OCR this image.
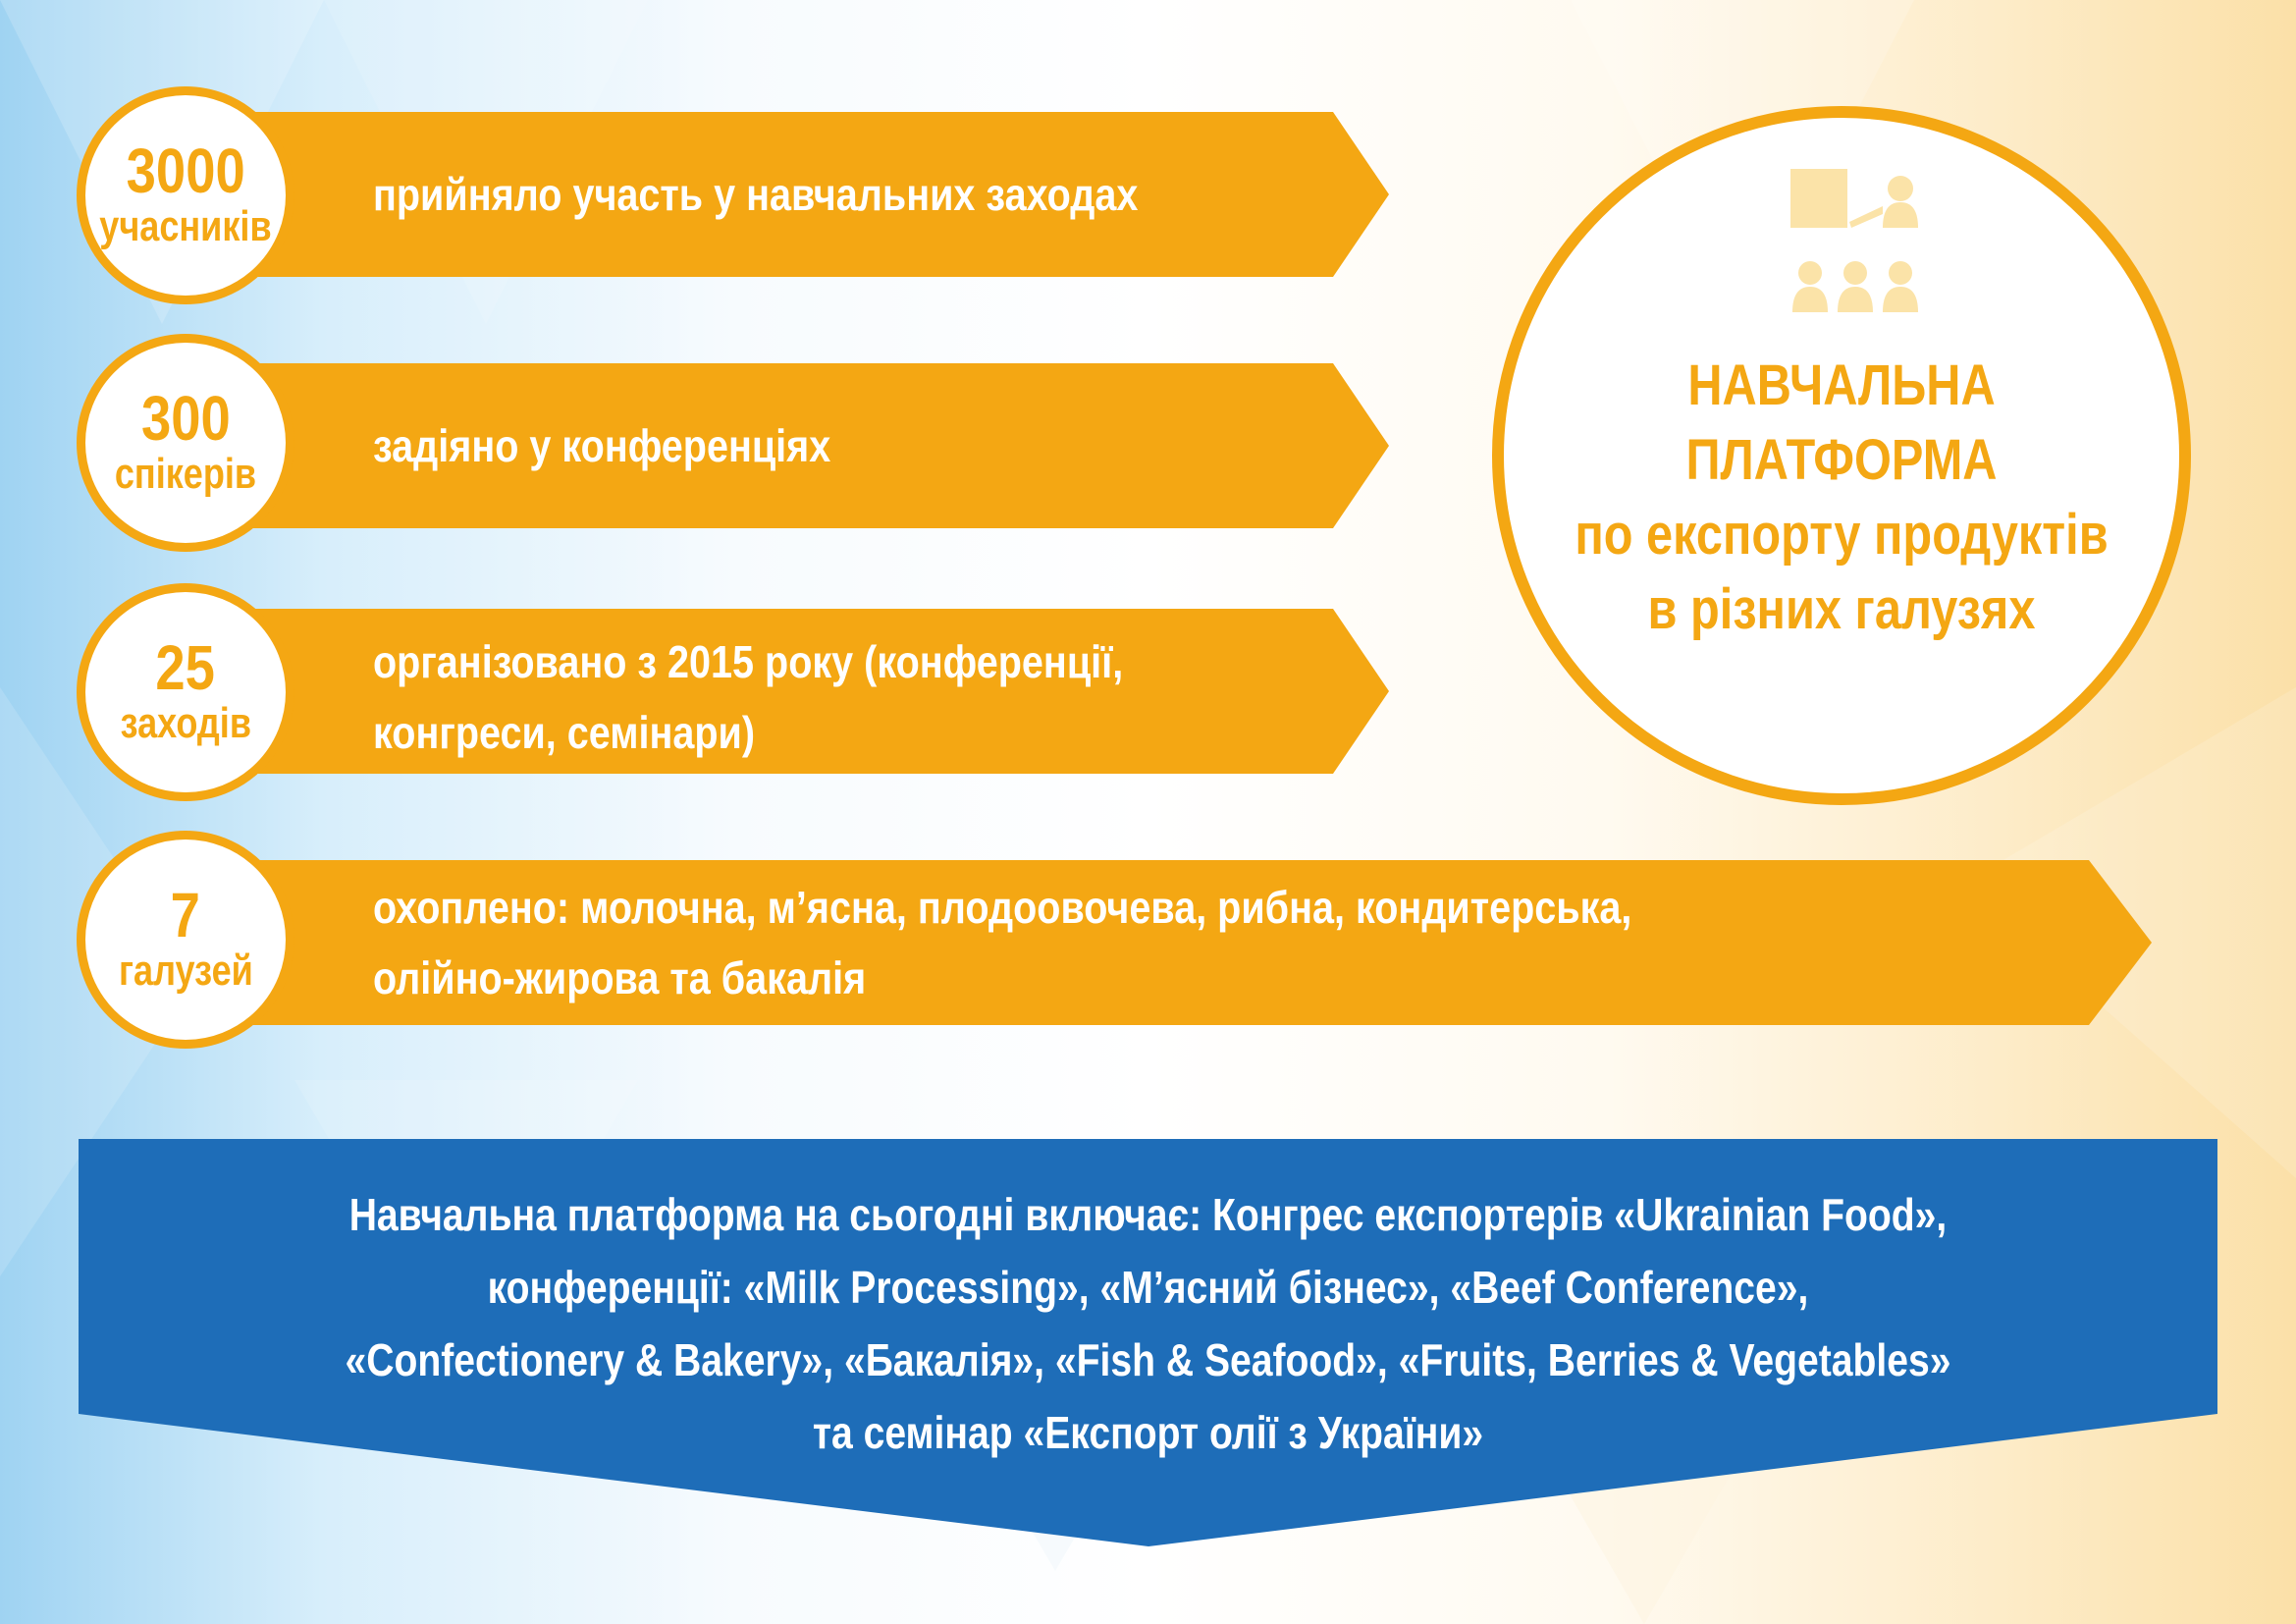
прийняло участь у навчальних заходах
задіяно у конференціях
організовано з 2015 року (конференції,
конгреси, семінари)
охоплено: молочна, м’ясна, плодоовочева, рибна, кондитерська,
олійно-жирова та бакалія
3000
учасників
300
спікерів
25
заходів
7
галузей
НАВЧАЛЬНА
ПЛАТФОРМА
по експорту продуктів
в різних галузях
Навчальна платформа на сьогодні включає: Конгрес експортерів «Ukrainian Food»,
конференції: «Milk Processing», «М’ясний бізнес», «Beef Conference»,
«Confectionery & Bakery», «Бакалія», «Fish & Seafood», «Fruits, Berries & Vegetables»
та семінар «Експорт олії з України»
